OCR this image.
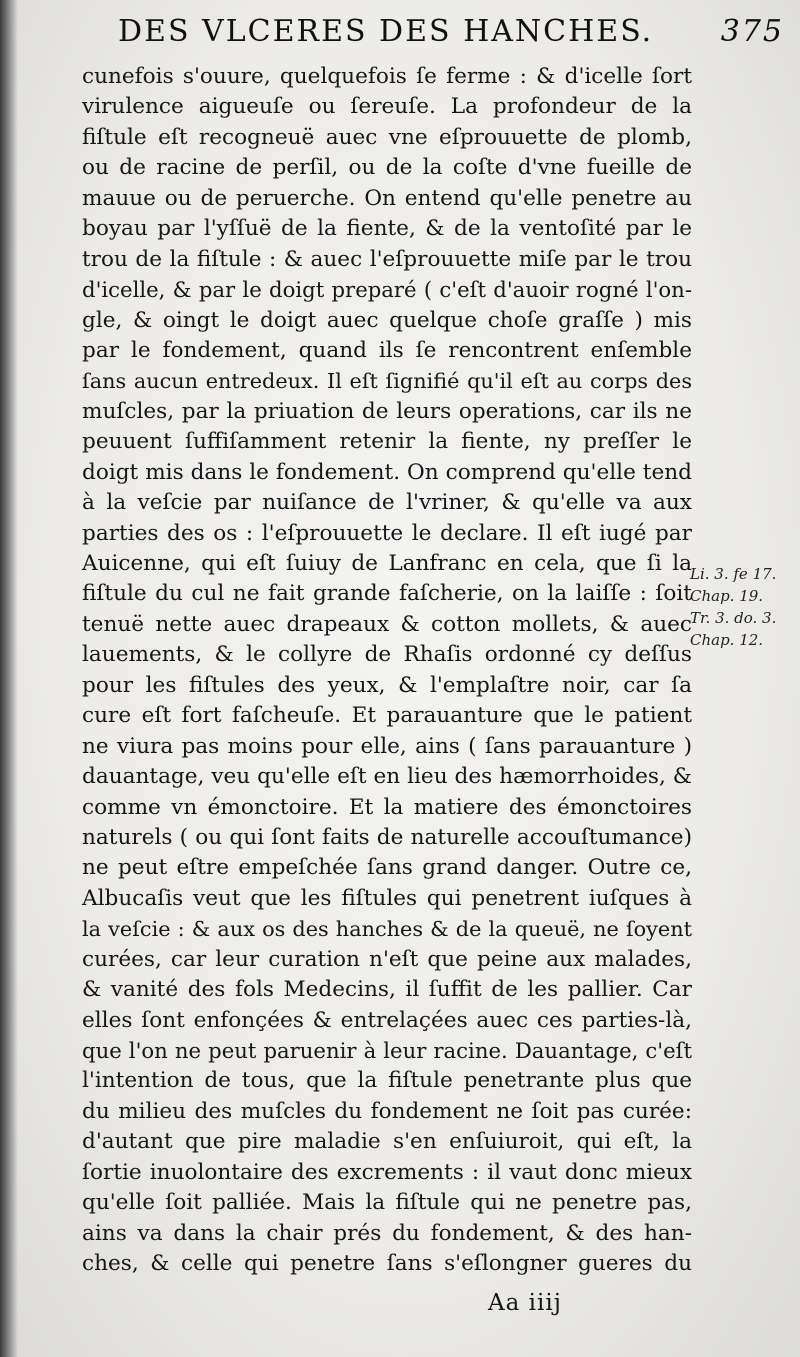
DES VLCERES DES HANCHES. 375
cunefois s'ouure, quelquefois ſe ferme : & d'icelle ſort
virulence aigueuſe ou ſereuſe. La profondeur de la
fiſtule eſt recogneuë auec vne eſprouuette de plomb,
ou de racine de perſil, ou de la coſte d'vne fueille de
mauue ou de peruerche. On entend qu'elle penetre au
boyau par l'yſſuë de la fiente, & de la ventoſité par le
trou de la fiſtule : & auec l'eſprouuette miſe par le trou
d'icelle, & par le doigt preparé ( c'eſt d'auoir rogné l'on-
gle, & oingt le doigt auec quelque choſe graſſe ) mis
par le fondement, quand ils ſe rencontrent enſemble
ſans aucun entredeux. Il eſt ſignifié qu'il eſt au corps des
muſcles, par la priuation de leurs operations, car ils ne
peuuent ſuffiſamment retenir la fiente, ny preſſer le
doigt mis dans le fondement. On comprend qu'elle tend
à la veſcie par nuiſance de l'vriner, & qu'elle va aux
parties des os : l'eſprouuette le declare. Il eſt iugé par
Auicenne, qui eſt ſuiuy de Lanfranc en cela, que ſi la
fiſtule du cul ne fait grande faſcherie, on la laiſſe : ſoit
tenuë nette auec drapeaux & cotton mollets, & auec
lauements, & le collyre de Rhaſis ordonné cy deſſus
pour les fiſtules des yeux, & l'emplaſtre noir, car ſa
cure eſt fort faſcheuſe. Et parauanture que le patient
ne viura pas moins pour elle, ains ( ſans parauanture )
dauantage, veu qu'elle eſt en lieu des hæmorrhoides, &
comme vn émonctoire. Et la matiere des émonctoires
naturels ( ou qui ſont faits de naturelle accouſtumance)
ne peut eſtre empeſchée ſans grand danger. Outre ce,
Albucaſis veut que les fiſtules qui penetrent iuſques à
la veſcie : & aux os des hanches & de la queuë, ne ſoyent
curées, car leur curation n'eſt que peine aux malades,
& vanité des fols Medecins, il ſuffit de les pallier. Car
elles ſont enfonçées & entrelaçées auec ces parties-là,
que l'on ne peut paruenir à leur racine. Dauantage, c'eſt
l'intention de tous, que la fiſtule penetrante plus que
du milieu des muſcles du fondement ne ſoit pas curée:
d'autant que pire maladie s'en enſuiuroit, qui eſt, la
ſortie inuolontaire des excrements : il vaut donc mieux
qu'elle ſoit palliée. Mais la fiſtule qui ne penetre pas,
ains va dans la chair prés du fondement, & des han-
ches, & celle qui penetre ſans s'eſlongner gueres du
Li. 3. fe 17.
Chap. 19.
Tr. 3. do. 3.
Chap. 12.
Aa iiij
